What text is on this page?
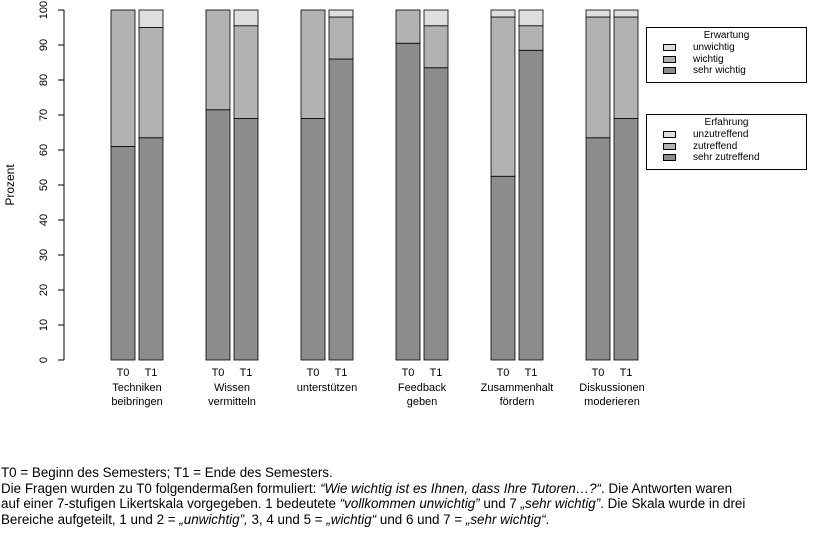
0
10
20
30
40
50
60
70
80
90
100
Prozent
T0 T1
Techniken
beibringen
T0 T1
Wissen
vermitteln
T0 T1
unterstützen
T0 T1
Feedback
geben
T0 T1
Zusammenhalt
fördern
T0 T1
Diskussionen
moderieren
Erwartung
unwichtig
wichtig
sehr wichtig
Erfahrung
unzutreffend
zutreffend
sehr zutreffend

T0 = Beginn des Semesters; T1 = Ende des Semesters.

Die Fragen wurden zu T0 folgendermaßen formuliert: “Wie wichtig ist es Ihnen, dass Ihre Tutoren…?“. Die Antworten waren auf einer 7-stufigen Likertskala vorgegeben. 1 bedeutete “vollkommen unwichtig” und 7 „sehr wichtig”. Die Skala wurde in drei Bereiche aufgeteilt, 1 und 2 = „unwichtig”, 3, 4 und 5 = „wichtig“ und 6 und 7 = „sehr wichtig“.
